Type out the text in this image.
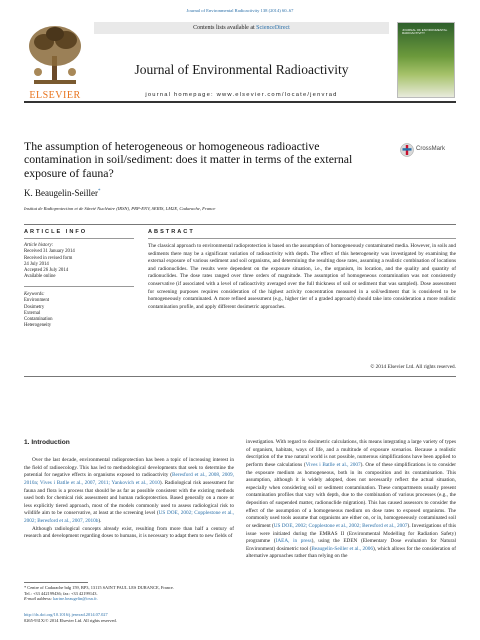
Journal of Environmental Radioactivity 138 (2014) 60–67
ELSEVIER
Contents lists available at ScienceDirect
Journal of Environmental Radioactivity
journal homepage: www.elsevier.com/locate/jenvrad
JOURNAL OF ENVIRONMENTAL RADIOACTIVITY
The assumption of heterogeneous or homogeneous radioactive contamination in soil/sediment: does it matter in terms of the external exposure of fauna?
CrossMark
K. Beaugelin-Seiller*
Institut de Radioprotection et de Sûreté Nucléaire (IRSN), PRP-ENV, SERIS, LM2E, Cadarache, France
ARTICLE INFO	ABSTRACT
Article history:
Received 31 January 2014
Received in revised form
24 July 2014
Accepted 26 July 2014
Available online
Keywords:
Environment
Dosimetry
External
Contamination
Heterogeneity
The classical approach to environmental radioprotection is based on the assumption of homogeneously contaminated media. However, in soils and sediments there may be a significant variation of radioactivity with depth. The effect of this heterogeneity was investigated by examining the external exposure of various sediment and soil organisms, and determining the resulting dose rates, assuming a realistic combination of locations and radionuclides. The results were dependent on the exposure situation, i.e., the organism, its location, and the quality and quantity of radionuclides. The dose rates ranged over three orders of magnitude. The assumption of homogeneous contamination was not consistently conservative (if associated with a level of radioactivity averaged over the full thickness of soil or sediment that was sampled). Dose assessment for screening purposes requires consideration of the highest activity concentration measured in a soil/sediment that is considered to be homogeneously contaminated. A more refined assessment (e.g., higher tier of a graded approach) should take into consideration a more realistic contamination profile, and apply different dosimetric approaches.
© 2014 Elsevier Ltd. All rights reserved.
1. Introduction

Over the last decade, environmental radioprotection has been a topic of increasing interest in the field of radioecology. This has led to methodological developments that seek to determine the potential for negative effects in organisms exposed to radioactivity (Beresford et al., 2008, 2009, 2010a; Vives i Batlle et al., 2007, 2011; Yankovich et al., 2010). Radiological risk assessment for fauna and flora is a process that should be as far as possible consistent with the existing methods used both for chemical risk assessment and human radioprotection. Based generally on a more or less explicitly tiered approach, most of the models commonly used to assess radiological risk to wildlife aim to be conservative, at least at the screening level (US DOE, 2002; Copplestone et al., 2002; Beresford et al., 2007, 2010b).

Although radiological concepts already exist, resulting from more than half a century of research and development regarding doses to humans, it is necessary to adapt them to new fields of

investigation. With regard to dosimetric calculations, this means integrating a large variety of types of organism, habitats, ways of life, and a multitude of exposure scenarios. Because a realistic description of the true natural world is not possible, numerous simplifications have been applied to perform these calculations (Vives i Batlle et al., 2007). One of these simplifications is to consider the exposure medium as homogeneous, both in its composition and its contamination. This assumption, although it is widely adopted, does not necessarily reflect the actual situation, especially when considering soil or sediment contamination. These compartments usually present contamination profiles that vary with depth, due to the combination of various processes (e.g., the deposition of suspended matter, radionuclide migration). This has caused assessors to consider the effect of the assumption of a homogeneous medium on dose rates to exposed organisms. The commonly used tools assume that organisms are either on, or in, homogeneously contaminated soil or sediment (US DOE, 2002; Copplestone et al., 2002; Beresford et al., 2007). Investigations of this issue were initiated during the EMRAS II (Environmental Modelling for Radiation Safety) programme (IAEA, in press), using the EDEN (Elementary Dose evaluation for Natural Environment) dosimetric tool (Beaugelin-Seiller et al., 2006), which allows for the consideration of alternative approaches rather than relying on the

* Centre of Cadarache bdg 159, BP3, 13115 SAINT PAUL LES DURANCE, France.
Tel.: +33 442199436; fax: +33 42199143.
E-mail address: karine.beaugelin@irsn.fr.
http://dx.doi.org/10.1016/j.jenvrad.2014.07.027
0265-931X/© 2014 Elsevier Ltd. All rights reserved.
